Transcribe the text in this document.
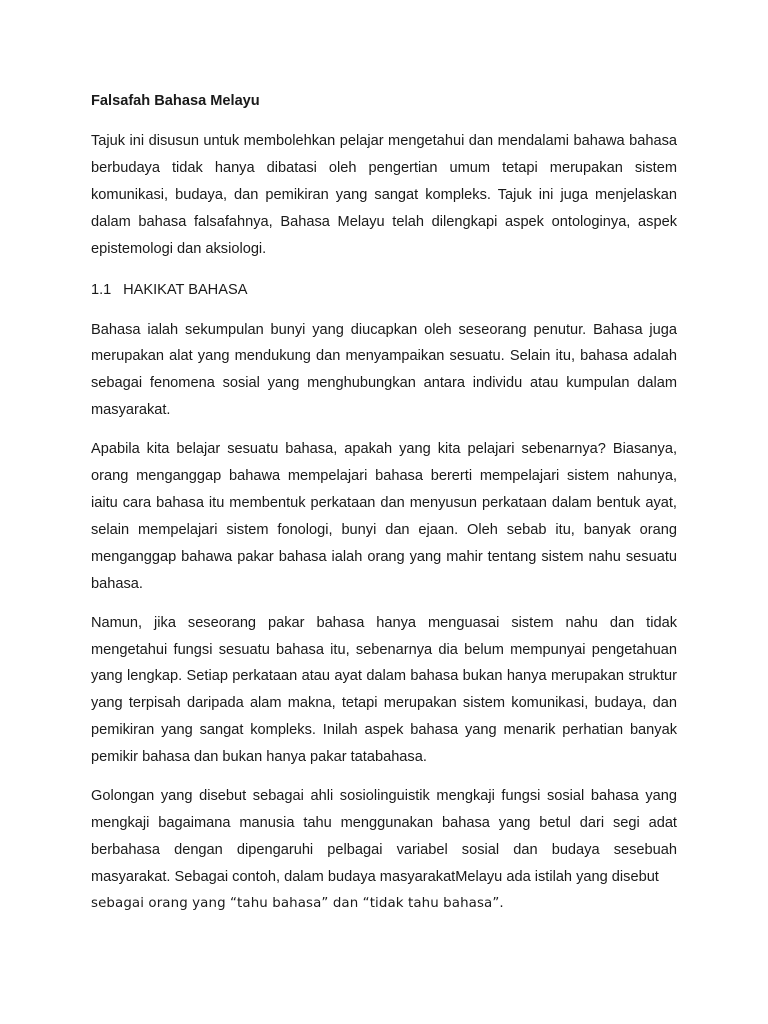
Falsafah Bahasa Melayu

Tajuk ini disusun untuk membolehkan pelajar mengetahui dan mendalami bahawa bahasa berbudaya tidak hanya dibatasi oleh pengertian umum tetapi merupakan sistem komunikasi, budaya, dan pemikiran yang sangat kompleks. Tajuk ini juga menjelaskan dalam bahasa falsafahnya, Bahasa Melayu telah dilengkapi aspek ontologinya, aspek epistemologi dan aksiologi.

1.1 HAKIKAT BAHASA

Bahasa ialah sekumpulan bunyi yang diucapkan oleh seseorang penutur. Bahasa juga merupakan alat yang mendukung dan menyampaikan sesuatu. Selain itu, bahasa adalah sebagai fenomena sosial yang menghubungkan antara individu atau kumpulan dalam masyarakat.

Apabila kita belajar sesuatu bahasa, apakah yang kita pelajari sebenarnya? Biasanya, orang menganggap bahawa mempelajari bahasa bererti mempelajari sistem nahunya, iaitu cara bahasa itu membentuk perkataan dan menyusun perkataan dalam bentuk ayat, selain mempelajari sistem fonologi, bunyi dan ejaan. Oleh sebab itu, banyak orang menganggap bahawa pakar bahasa ialah orang yang mahir tentang sistem nahu sesuatu bahasa.

Namun, jika seseorang pakar bahasa hanya menguasai sistem nahu dan tidak mengetahui fungsi sesuatu bahasa itu, sebenarnya dia belum mempunyai pengetahuan yang lengkap. Setiap perkataan atau ayat dalam bahasa bukan hanya merupakan struktur yang terpisah daripada alam makna, tetapi merupakan sistem komunikasi, budaya, dan pemikiran yang sangat kompleks. Inilah aspek bahasa yang menarik perhatian banyak pemikir bahasa dan bukan hanya pakar tatabahasa.

Golongan yang disebut sebagai ahli sosiolinguistik mengkaji fungsi sosial bahasa yang mengkaji bagaimana manusia tahu menggunakan bahasa yang betul dari segi adat berbahasa dengan dipengaruhi pelbagai variabel sosial dan budaya sesebuah masyarakat. Sebagai contoh, dalam budaya masyarakatMelayu ada istilah yang disebut

sebagai orang yang “tahu bahasa” dan “tidak tahu bahasa”.
